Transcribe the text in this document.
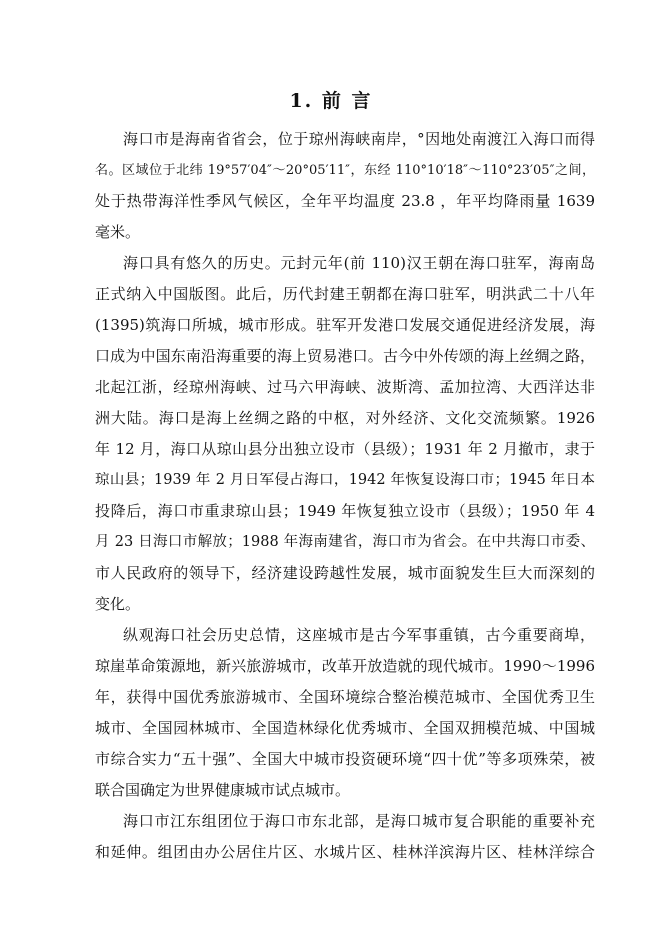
1. 前 言
海口市是海南省省会，位于琼州海峡南岸，°因地处南渡江入海口而得
名。区域位于北纬 19°57′04″～20°05′11″，东经 110°10′18″～110°23′05″之间，
处于热带海洋性季风气候区，全年平均温度 23.8 ，年平均降雨量 1639
毫米。
海口具有悠久的历史。元封元年(前 110)汉王朝在海口驻军，海南岛
正式纳入中国版图。此后，历代封建王朝都在海口驻军，明洪武二十八年
(1395)筑海口所城，城市形成。驻军开发港口发展交通促进经济发展，海
口成为中国东南沿海重要的海上贸易港口。古今中外传颂的海上丝绸之路，
北起江浙，经琼州海峡、过马六甲海峡、波斯湾、孟加拉湾、大西洋达非
洲大陆。海口是海上丝绸之路的中枢，对外经济、文化交流频繁。1926
年 12 月，海口从琼山县分出独立设市（县级）；1931 年 2 月撤市，隶于
琼山县；1939 年 2 月日军侵占海口，1942 年恢复设海口市；1945 年日本
投降后，海口市重隶琼山县；1949 年恢复独立设市（县级）；1950 年 4
月 23 日海口市解放；1988 年海南建省，海口市为省会。在中共海口市委、
市人民政府的领导下，经济建设跨越性发展，城市面貌发生巨大而深刻的
变化。
纵观海口社会历史总情，这座城市是古今军事重镇，古今重要商埠，
琼崖革命策源地，新兴旅游城市，改革开放造就的现代城市。1990～1996
年，获得中国优秀旅游城市、全国环境综合整治模范城市、全国优秀卫生
城市、全国园林城市、全国造林绿化优秀城市、全国双拥模范城、中国城
市综合实力“五十强”、全国大中城市投资硬环境“四十优”等多项殊荣，被
联合国确定为世界健康城市试点城市。
海口市江东组团位于海口市东北部，是海口城市复合职能的重要补充
和延伸。组团由办公居住片区、水城片区、桂林洋滨海片区、桂林洋综合
